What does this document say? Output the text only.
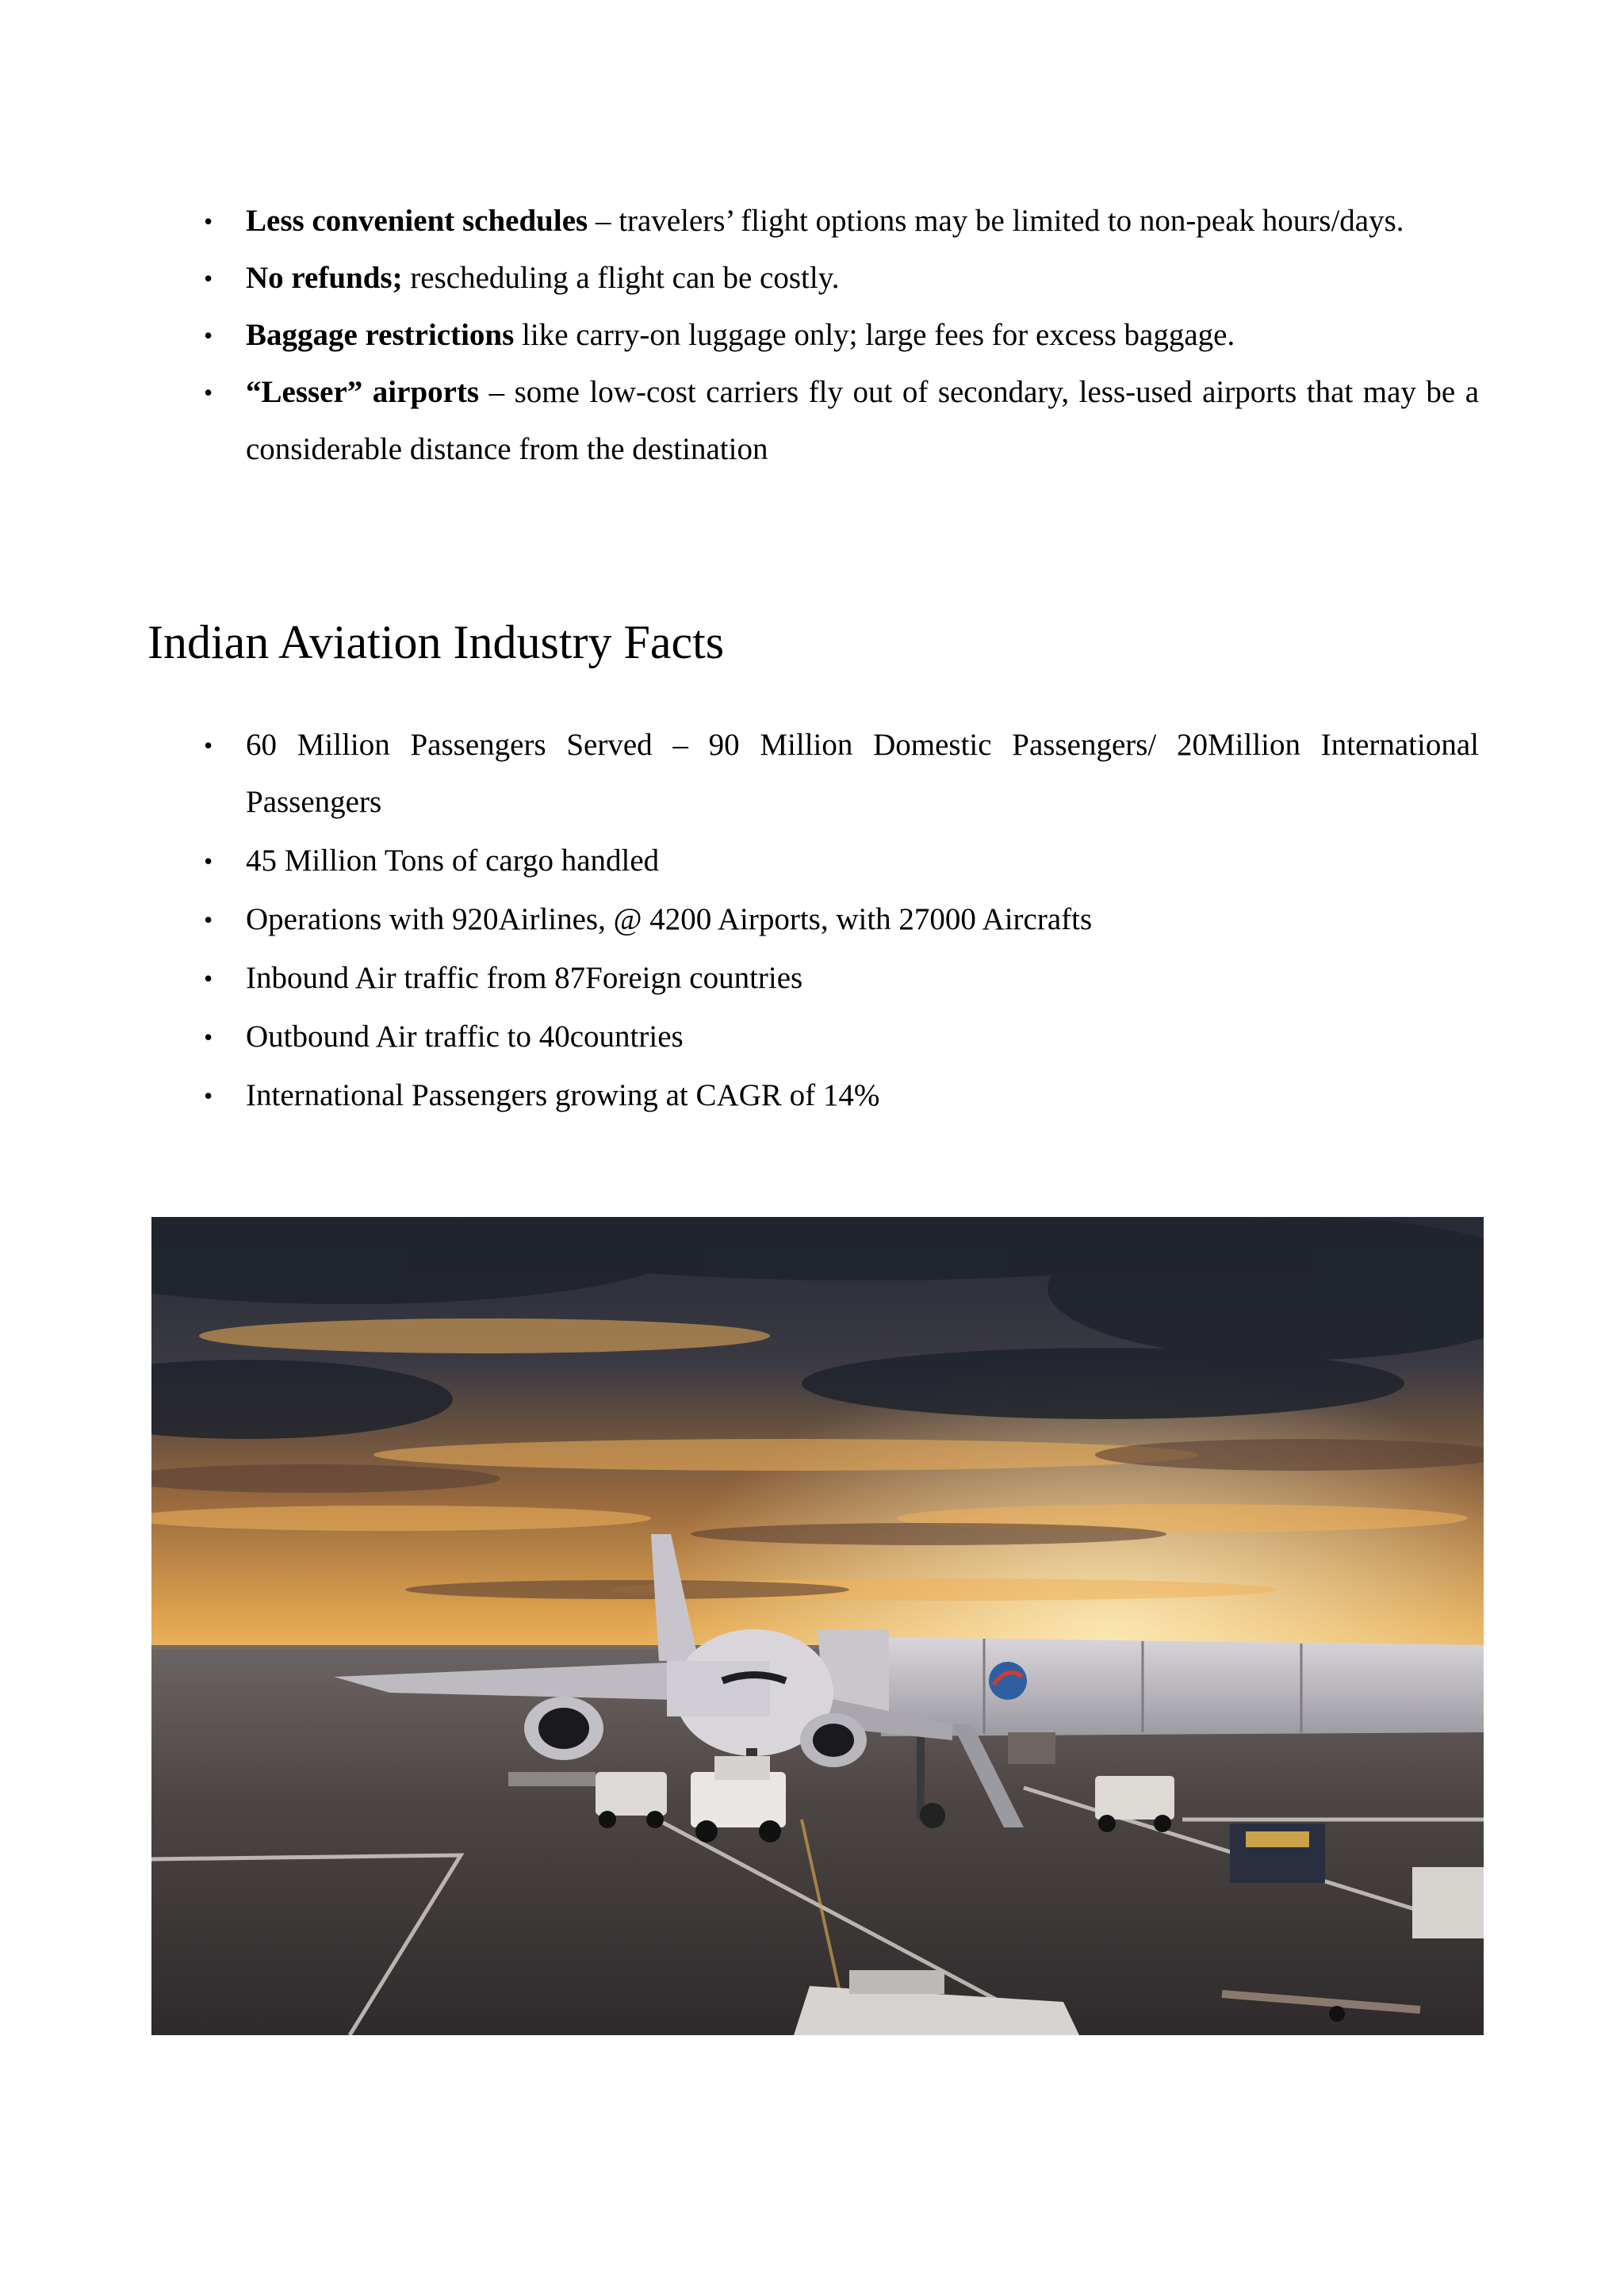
• Less convenient schedules – travelers’ flight options may be limited to non-peak hours/days.
• No refunds; rescheduling a flight can be costly.
• Baggage restrictions like carry-on luggage only; large fees for excess baggage.
• “Lesser” airports – some low-cost carriers fly out of secondary, less-used airports that may be a considerable distance from the destination
Indian Aviation Industry Facts
• 60 Million Passengers Served – 90 Million Domestic Passengers/ 20Million International Passengers
• 45 Million Tons of cargo handled
• Operations with 920Airlines, @ 4200 Airports, with 27000 Aircrafts
• Inbound Air traffic from 87Foreign countries
• Outbound Air traffic to 40countries
• International Passengers growing at CAGR of 14%
